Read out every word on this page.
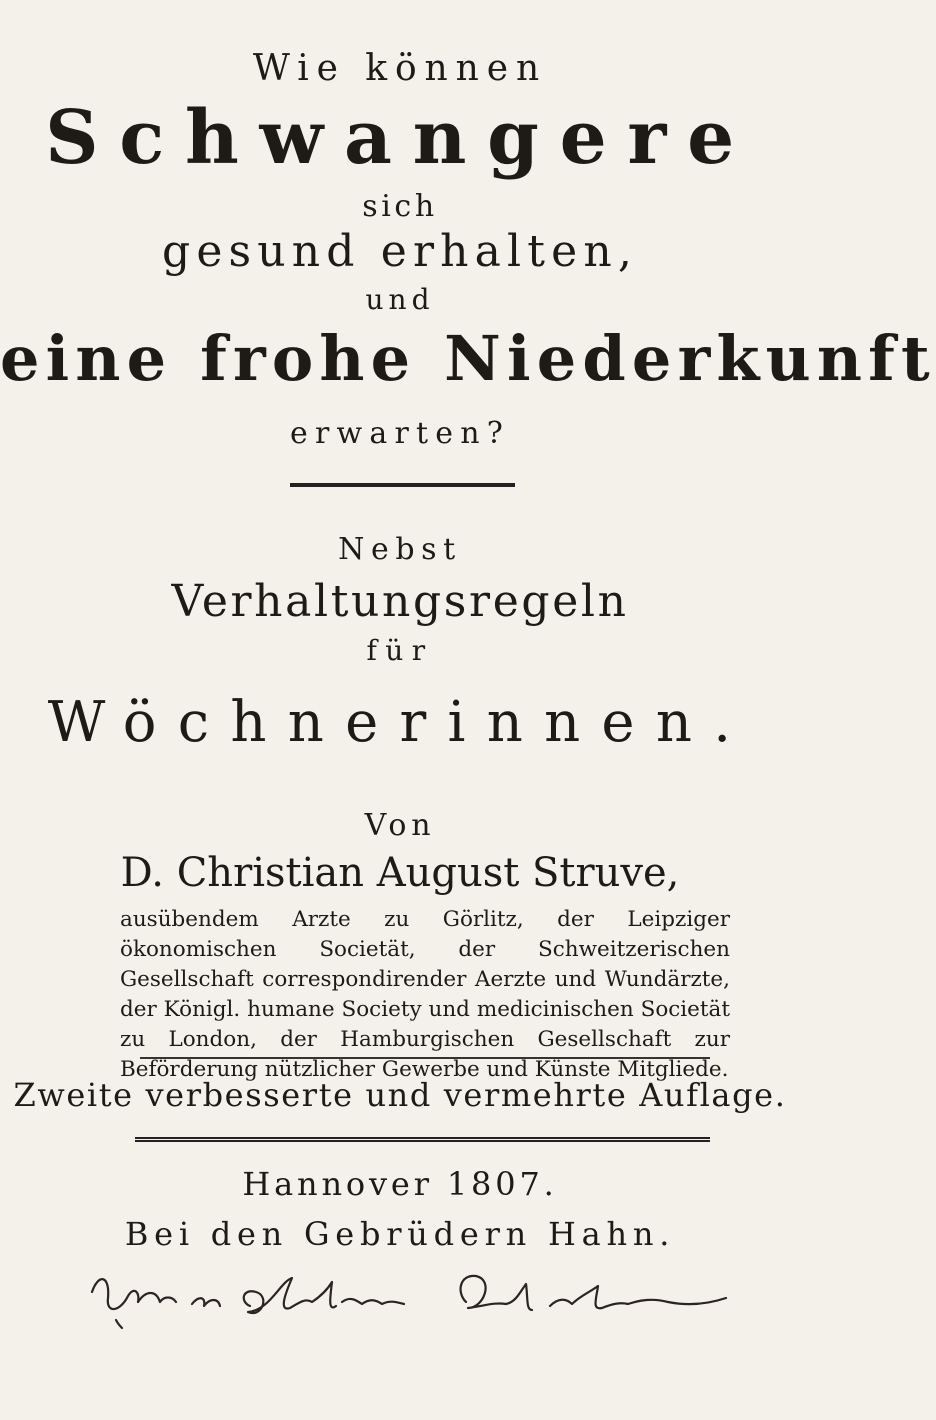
Wie können
Schwangere
sich
gesund erhalten,
und
eine frohe Niederkunft
erwarten?
Nebst
Verhaltungsregeln
für
Wöchnerinnen.
Von
D. Christian August Struve,
ausübendem Arzte zu Görlitz, der Leipziger ökonomischen Societät, der Schweitzerischen Gesellschaft correspondirender Aerzte und Wundärzte, der Königl. humane Society und medicinischen Societät zu London, der Hamburgischen Gesellschaft zur Beförderung nützlicher Gewerbe und Künste Mitgliede.
Zweite verbesserte und vermehrte Auflage.
Hannover 1807.
Bei den Gebrüdern Hahn.
